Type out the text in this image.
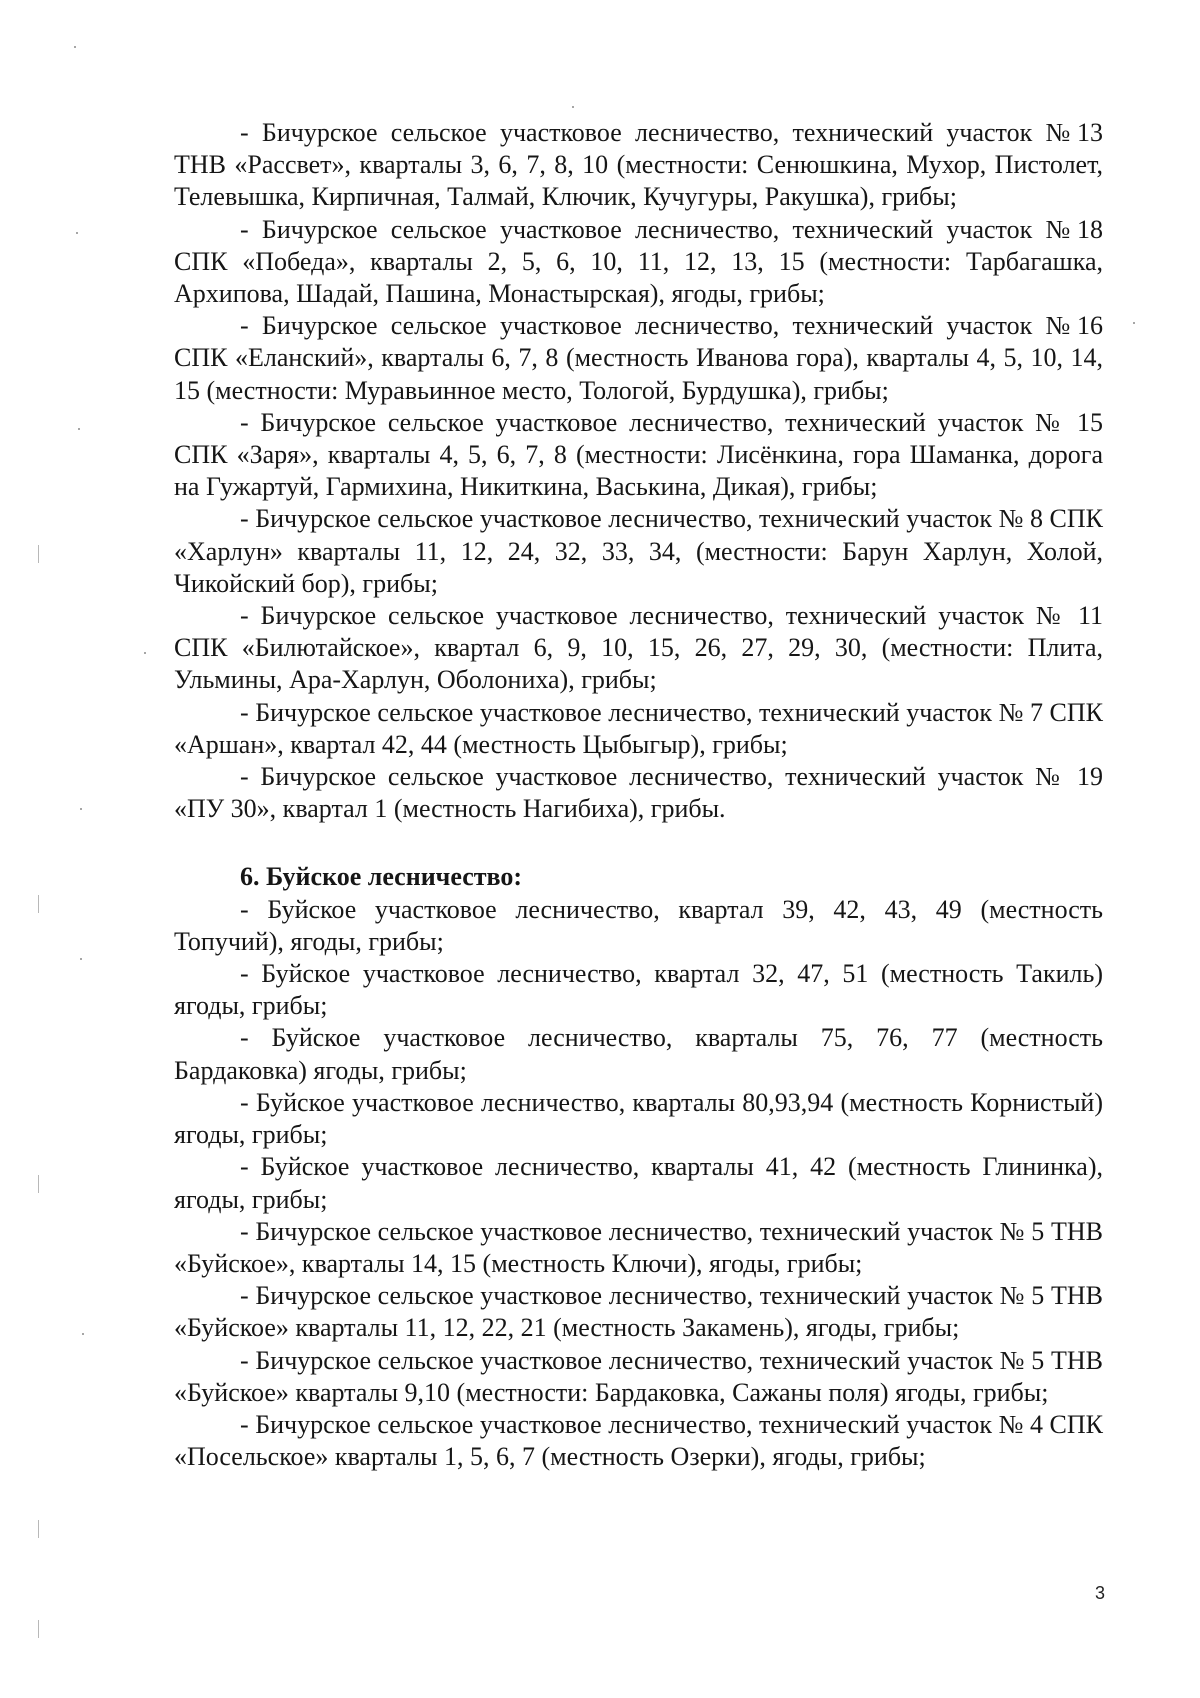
- Бичурское сельское участковое лесничество, технический участок №13 ТНВ «Рассвет», кварталы 3, 6, 7, 8, 10 (местности: Сенюшкина, Мухор, Пистолет, Телевышка, Кирпичная, Талмай, Ключик, Кучугуры, Ракушка), грибы;

- Бичурское сельское участковое лесничество, технический участок №18 СПК «Победа», кварталы 2, 5, 6, 10, 11, 12, 13, 15 (местности: Тарбагашка, Архипова, Шадай, Пашина, Монастырская), ягоды, грибы;

- Бичурское сельское участковое лесничество, технический участок №16 СПК «Еланский», кварталы 6, 7, 8 (местность Иванова гора), кварталы 4, 5, 10, 14, 15 (местности: Муравьинное место, Тологой, Бурдушка), грибы;

- Бичурское сельское участковое лесничество, технический участок № 15 СПК «Заря», кварталы 4, 5, 6, 7, 8 (местности: Лисёнкина, гора Шаманка, дорога на Гужартуй, Гармихина, Никиткина, Васькина, Дикая), грибы;

- Бичурское сельское участковое лесничество, технический участок № 8 СПК «Харлун» кварталы 11, 12, 24, 32, 33, 34, (местности: Барун Харлун, Холой, Чикойский бор), грибы;

- Бичурское сельское участковое лесничество, технический участок № 11 СПК «Билютайское», квартал 6, 9, 10, 15, 26, 27, 29, 30, (местности: Плита, Ульмины, Ара-Харлун, Оболониха), грибы;

- Бичурское сельское участковое лесничество, технический участок № 7 СПК «Аршан», квартал 42, 44 (местность Цыбыгыр), грибы;

- Бичурское сельское участковое лесничество, технический участок № 19 «ПУ 30», квартал 1 (местность Нагибиха), грибы.

6. Буйское лесничество:

- Буйское участковое лесничество, квартал 39, 42, 43, 49 (местность Топучий), ягоды, грибы;

- Буйское участковое лесничество, квартал 32, 47, 51 (местность Такиль) ягоды, грибы;

- Буйское участковое лесничество, кварталы 75, 76, 77 (местность Бардаковка) ягоды, грибы;

- Буйское участковое лесничество, кварталы 80,93,94 (местность Корнистый) ягоды, грибы;

- Буйское участковое лесничество, кварталы 41, 42 (местность Глининка), ягоды, грибы;

- Бичурское сельское участковое лесничество, технический участок № 5 ТНВ «Буйское», кварталы 14, 15 (местность Ключи), ягоды, грибы;

- Бичурское сельское участковое лесничество, технический участок № 5 ТНВ «Буйское» кварталы 11, 12, 22, 21 (местность Закамень), ягоды, грибы;

- Бичурское сельское участковое лесничество, технический участок № 5 ТНВ «Буйское» кварталы 9,10 (местности: Бардаковка, Сажаны поля) ягоды, грибы;

- Бичурское сельское участковое лесничество, технический участок № 4 СПК «Посельское» кварталы 1, 5, 6, 7 (местность Озерки), ягоды, грибы;

3
